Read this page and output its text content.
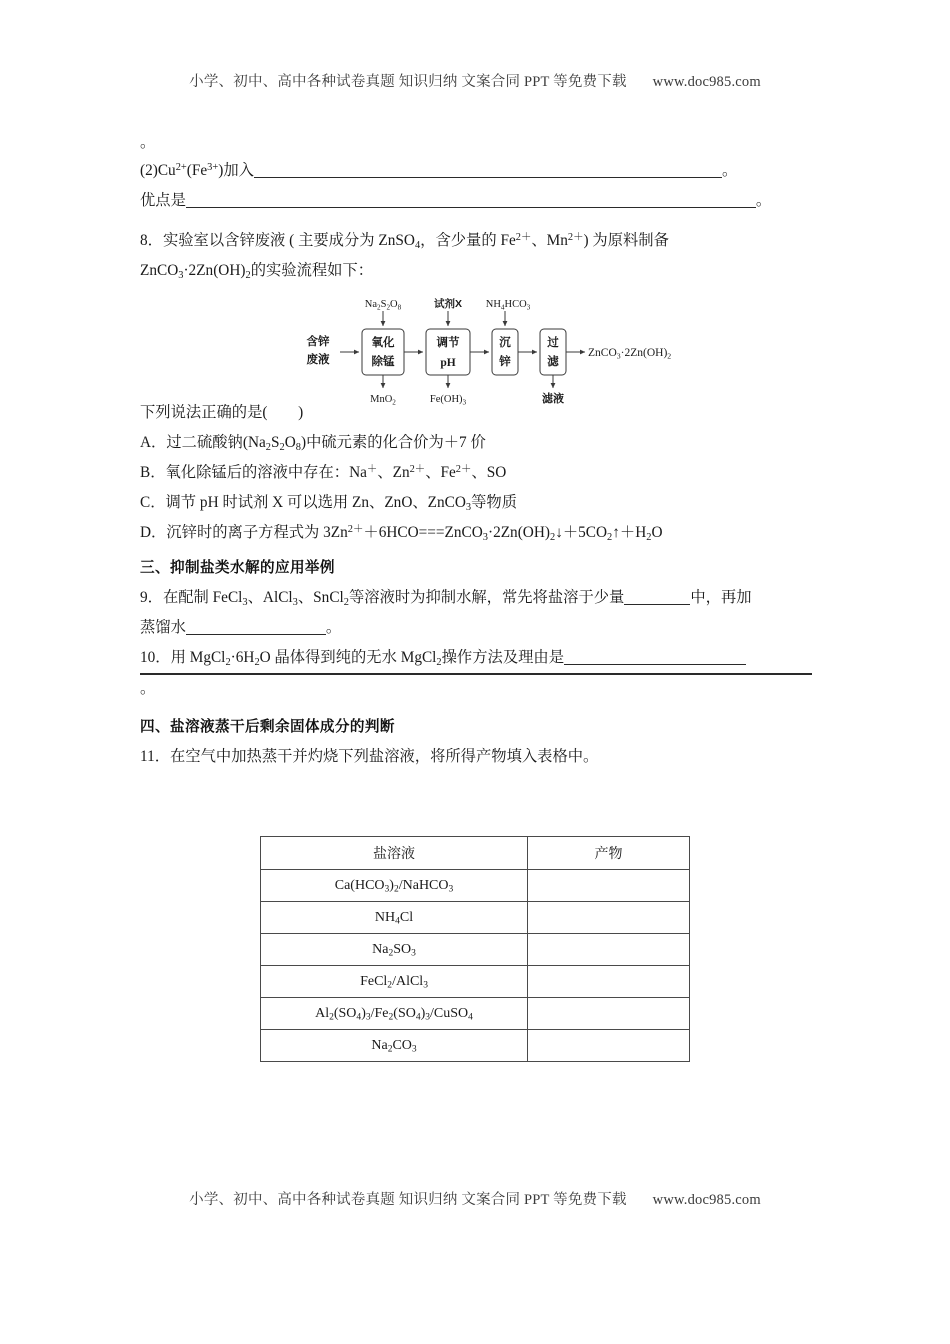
小学、初中、高中各种试卷真题 知识归纳 文案合同 PPT 等免费下载 www.doc985.com

。

$(2)Cu^{2+}(Fe^{3+})$加入	。

优点是	。

8．实验室以含锌废液 ( 主要成分为 ZnSO$_4$，含少量的 $Fe^{2+}$、$Mn^{2+}$) 为原料制备

$ZnCO_3\cdot 2Zn(OH)_2$的实验流程如下：

下列说法正确的是(　　)

A．过二硫酸钠$(Na_2S_2O_8)$中硫元素的化合价为＋7 价

B．氧化除锰后的溶液中存在：Na＋、$Zn^{2+}$、$Fe^{2+}$、SO

C．调节 pH 时试剂 X 可以选用 Zn、ZnO、ZnCO$_3$等物质

D．沉锌时的离子方程式为 $3Zn^{2+}+6HCO===ZnCO_3\cdot 2Zn(OH)_2↓+5CO_2↑+H_2O$

三、抑制盐类水解的应用举例

9．在配制 FeCl$_3$、AlCl$_3$、SnCl$_2$等溶液时为抑制水解，常先将盐溶于少量	中，再加

蒸馏水	。

10．用 $MgCl_2\cdot 6H_2O$ 晶体得到纯的无水 MgCl$_2$操作方法及理由是

。

四、盐溶液蒸干后剩余固体成分的判断

11．在空气中加热蒸干并灼烧下列盐溶液，将所得产物填入表格中。

$Na_2S_2O_8$	试剂X $NH_4HCO_3$
含锌
废液
氧化
除锰
调节
pH
沉
锌
过
滤
MnO$_2$	$Fe(OH)_3$	滤液
$ZnCO_3\cdot 2Zn(OH)_2$
盐溶液	产物
$Ca(HCO_3)_2/NaHCO_3$	
$NH_4Cl$	
$Na_2SO_3$	
FeCl$_2$/AlCl$_3$	
$Al_2(SO_4)_3/Fe_2(SO_4)_3/CuSO_4$	
$Na_2CO_3$	
小学、初中、高中各种试卷真题 知识归纳 文案合同 PPT 等免费下载 www.doc985.com
